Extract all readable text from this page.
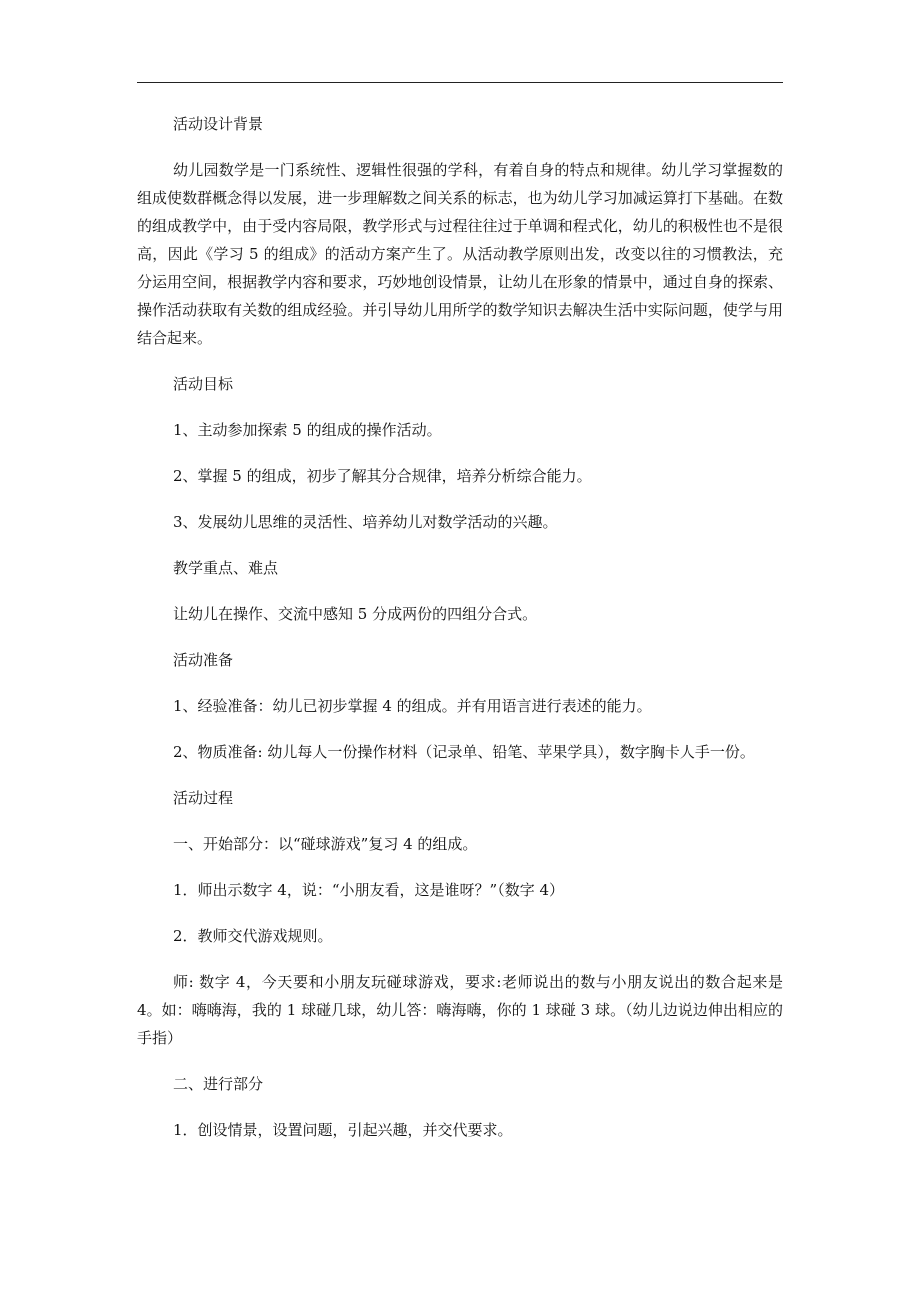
活动设计背景

幼儿园数学是一门系统性、逻辑性很强的学科，有着自身的特点和规律。幼儿学习掌握数的组成使数群概念得以发展，进一步理解数之间关系的标志，也为幼儿学习加减运算打下基础。在数的组成教学中，由于受内容局限，教学形式与过程往往过于单调和程式化，幼儿的积极性也不是很高，因此《学习 5 的组成》的活动方案产生了。从活动教学原则出发，改变以往的习惯教法，充分运用空间，根据教学内容和要求，巧妙地创设情景，让幼儿在形象的情景中，通过自身的探索、操作活动获取有关数的组成经验。并引导幼儿用所学的数学知识去解决生活中实际问题，使学与用结合起来。

活动目标

1、主动参加探索 5 的组成的操作活动。

2、掌握 5 的组成，初步了解其分合规律，培养分析综合能力。

3、发展幼儿思维的灵活性、培养幼儿对数学活动的兴趣。

教学重点、难点

让幼儿在操作、交流中感知 5 分成两份的四组分合式。

活动准备

1、经验准备：幼儿已初步掌握 4 的组成。并有用语言进行表述的能力。

2、物质准备: 幼儿每人一份操作材料（记录单、铅笔、苹果学具），数字胸卡人手一份。

活动过程

一、开始部分：以“碰球游戏”复习 4 的组成。

1．师出示数字 4，说：“小朋友看，这是谁呀？”（数字 4）

2．教师交代游戏规则。

师: 数字 4，今天要和小朋友玩碰球游戏，要求:老师说出的数与小朋友说出的数合起来是 4。如：嗨嗨海，我的 1 球碰几球，幼儿答：嗨海嗨，你的 1 球碰 3 球。（幼儿边说边伸出相应的手指）

二、进行部分

1．创设情景，设置问题，引起兴趣，并交代要求。
